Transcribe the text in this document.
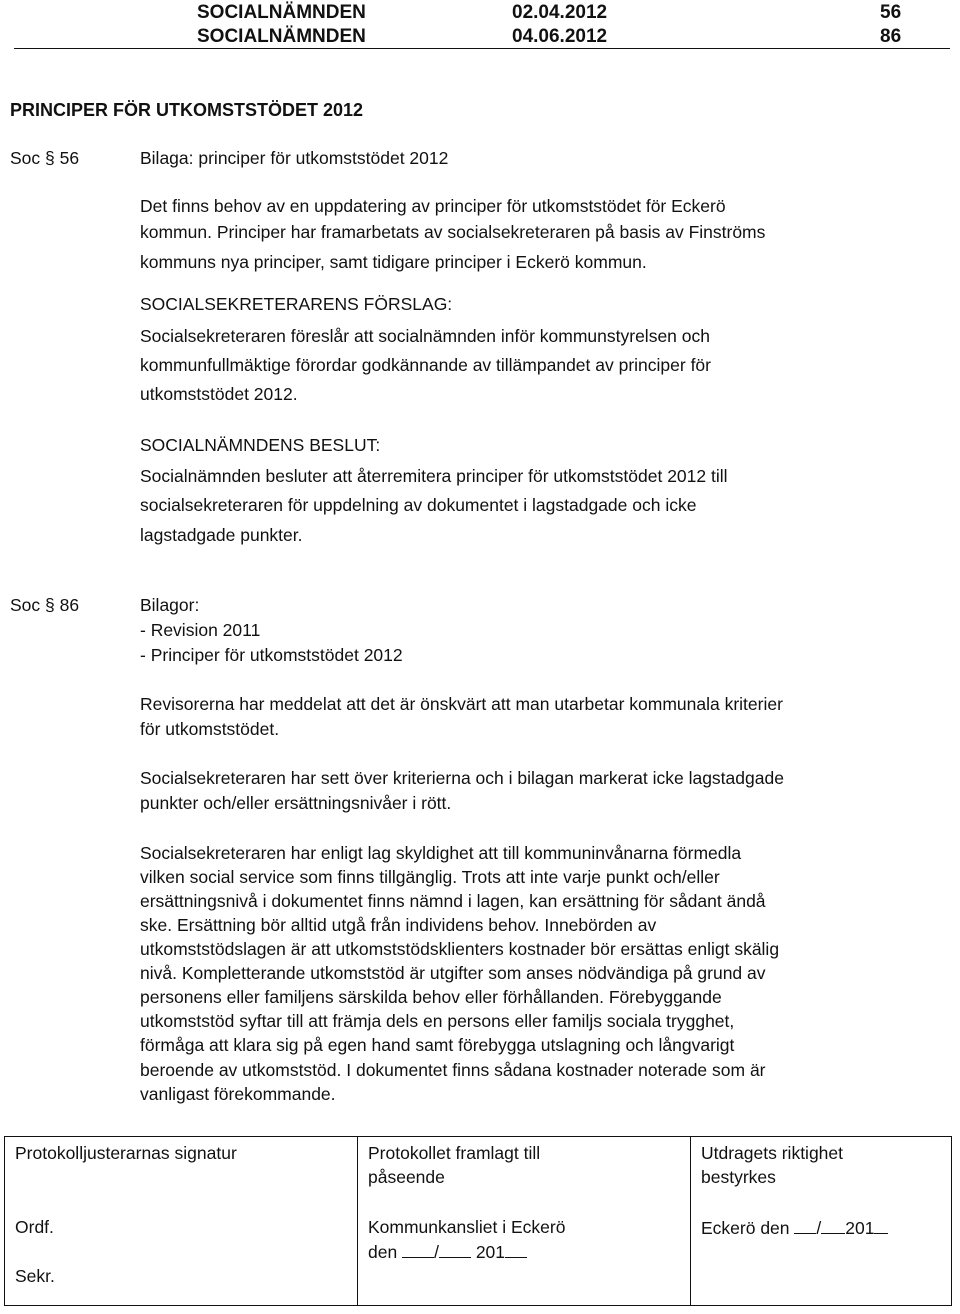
SOCIALNÄMNDEN	02.04.2012	56
SOCIALNÄMNDEN	04.06.2012	86
PRINCIPER FÖR UTKOMSTSTÖDET 2012
Soc § 56	Bilaga: principer för utkomststödet 2012
Det finns behov av en uppdatering av principer för utkomststödet för Eckerö
kommun. Principer har framarbetats av socialsekreteraren på basis av Finströms
kommuns nya principer, samt tidigare principer i Eckerö kommun.
SOCIALSEKRETERARENS FÖRSLAG:
Socialsekreteraren föreslår att socialnämnden inför kommunstyrelsen och
kommunfullmäktige förordar godkännande av tillämpandet av principer för
utkomststödet 2012.
SOCIALNÄMNDENS BESLUT:
Socialnämnden besluter att återremitera principer för utkomststödet 2012 till
socialsekreteraren för uppdelning av dokumentet i lagstadgade och icke
lagstadgade punkter.
Soc § 86	Bilagor:
- Revision 2011
- Principer för utkomststödet 2012
Revisorerna har meddelat att det är önskvärt att man utarbetar kommunala kriterier
för utkomststödet.
Socialsekreteraren har sett över kriterierna och i bilagan markerat icke lagstadgade
punkter och/eller ersättningsnivåer i rött.
Socialsekreteraren har enligt lag skyldighet att till kommuninvånarna förmedla
vilken social service som finns tillgänglig. Trots att inte varje punkt och/eller
ersättningsnivå i dokumentet finns nämnd i lagen, kan ersättning för sådant ändå
ske. Ersättning bör alltid utgå från individens behov. Innebörden av
utkomststödslagen är att utkomststödsklienters kostnader bör ersättas enligt skälig
nivå. Kompletterande utkomststöd är utgifter som anses nödvändiga på grund av
personens eller familjens särskilda behov eller förhållanden. Förebyggande
utkomststöd syftar till att främja dels en persons eller familjs sociala trygghet,
förmåga att klara sig på egen hand samt förebygga utslagning och långvarigt
beroende av utkomststöd. I dokumentet finns sådana kostnader noterade som är
vanligast förekommande.
Protokolljusterarnas signatur
Ordf.
Sekr.

Protokollet framlagt till
påseende
Kommunkansliet i Eckerö
den / 201

Utdragets riktighet
bestyrkes
Eckerö den / 201
